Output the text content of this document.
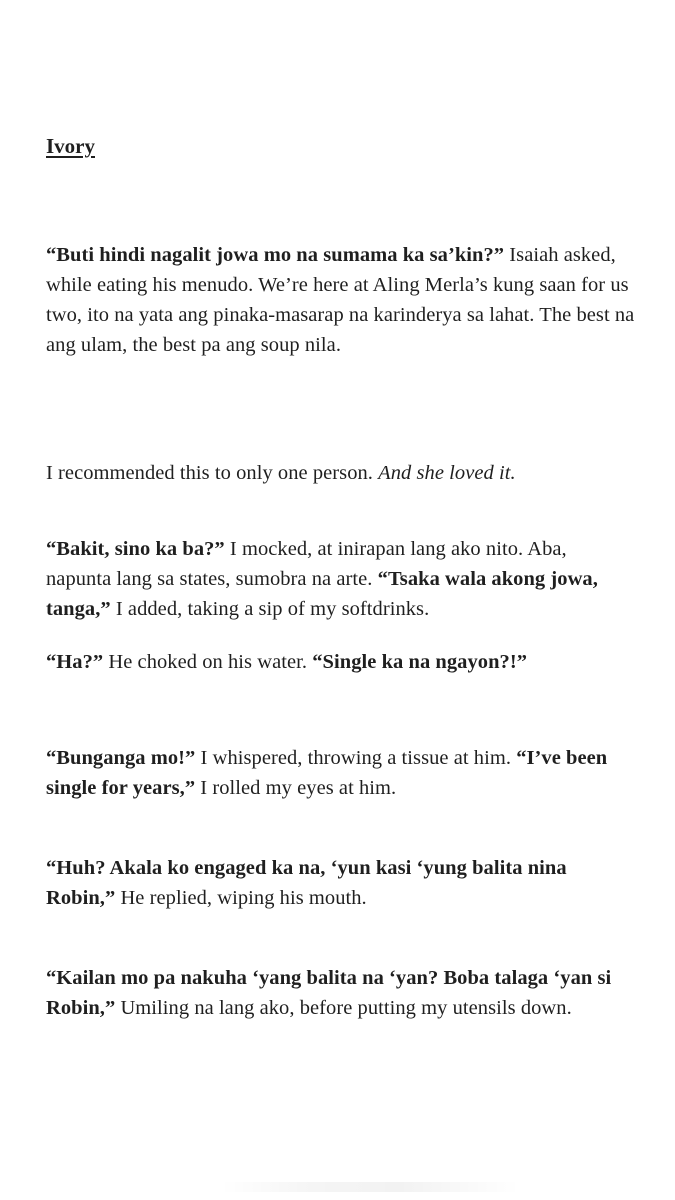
Ivory

“Buti hindi nagalit jowa mo na sumama ka sa’kin?” Isaiah asked, while eating his menudo. We’re here at Aling Merla’s kung saan for us two, ito na yata ang pinaka-masarap na karinderya sa lahat. The best na ang ulam, the best pa ang soup nila.

I recommended this to only one person. And she loved it.

“Bakit, sino ka ba?” I mocked, at inirapan lang ako nito. Aba, napunta lang sa states, sumobra na arte. “Tsaka wala akong jowa, tanga,” I added, taking a sip of my softdrinks.

“Ha?” He choked on his water. “Single ka na ngayon?!”

“Bunganga mo!” I whispered, throwing a tissue at him. “I’ve been single for years,” I rolled my eyes at him.

“Huh? Akala ko engaged ka na, ‘yun kasi ‘yung balita nina Robin,” He replied, wiping his mouth.

“Kailan mo pa nakuha ‘yang balita na ‘yan? Boba talaga ‘yan si Robin,” Umiling na lang ako, before putting my utensils down.
